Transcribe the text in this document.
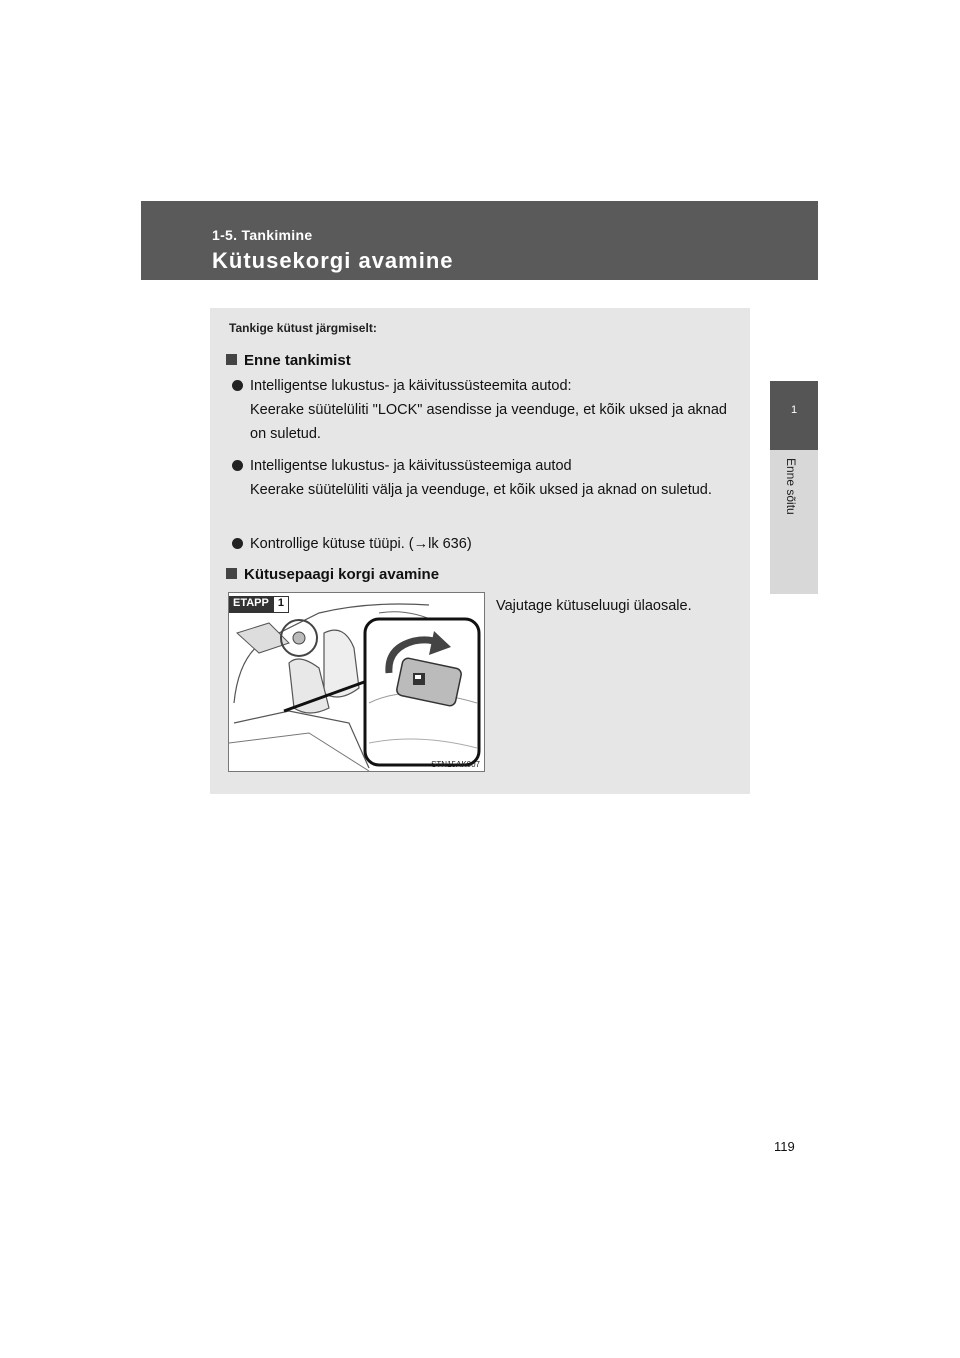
1-5. Tankimine
Kütusekorgi avamine
1
Enne sõitu
Tankige kütust järgmiselt:
Enne tankimist

Intelligentse lukustus- ja käivitussüsteemita autod:

Keerake süütelüliti "LOCK" asendisse ja veenduge, et kõik uksed ja aknad on suletud.

Intelligentse lukustus- ja käivitussüsteemiga autod

Keerake süütelüliti välja ja veenduge, et kõik uksed ja aknad on suletud.

Kontrollige kütuse tüüpi. (→lk 636)

Kütusepaagi korgi avamine
ETAPP 1
STN15AK007
Vajutage kütuseluugi ülaosale.
119
